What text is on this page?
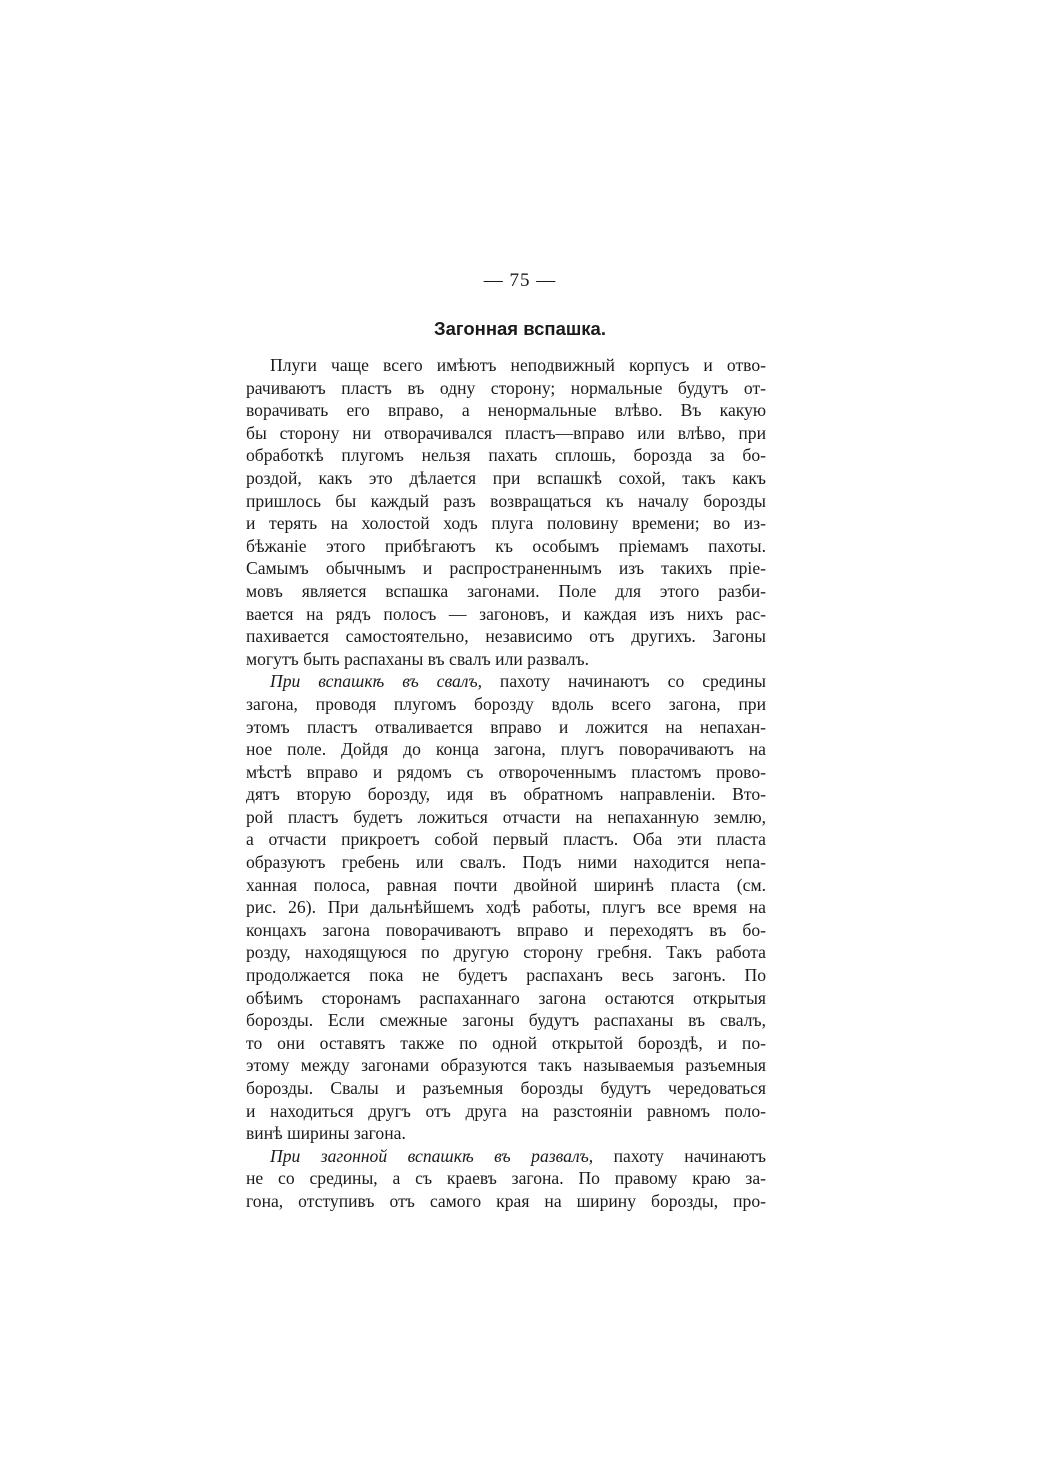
— 75 —
Загонная вспашка.
Плуги чаще всего имѣютъ неподвижный корпусъ и отво-
рачиваютъ пластъ въ одну сторону; нормальные будутъ от-
ворачивать его вправо, а ненормальные влѣво. Въ какую
бы сторону ни отворачивался пластъ—вправо или влѣво, при
обработкѣ плугомъ нельзя пахать сплошь, борозда за бо-
роздой, какъ это дѣлается при вспашкѣ сохой, такъ какъ
пришлось бы каждый разъ возвращаться къ началу борозды
и терять на холостой ходъ плуга половину времени; во из-
бѣжаніе этого прибѣгаютъ къ особымъ пріемамъ пахоты.
Самымъ обычнымъ и распространеннымъ изъ такихъ пріе-
мовъ является вспашка загонами. Поле для этого разби-
вается на рядъ полосъ — загоновъ, и каждая изъ нихъ рас-
пахивается самостоятельно, независимо отъ другихъ. Загоны
могутъ быть распаханы въ свалъ или развалъ.
При вспашкѣ въ свалъ, пахоту начинаютъ со средины
загона, проводя плугомъ борозду вдоль всего загона, при
этомъ пластъ отваливается вправо и ложится на непахан-
ное поле. Дойдя до конца загона, плугъ поворачиваютъ на
мѣстѣ вправо и рядомъ съ отвороченнымъ пластомъ прово-
дятъ вторую борозду, идя въ обратномъ направленіи. Вто-
рой пластъ будетъ ложиться отчасти на непаханную землю,
а отчасти прикроетъ собой первый пластъ. Оба эти пласта
образуютъ гребень или свалъ. Подъ ними находится непа-
ханная полоса, равная почти двойной ширинѣ пласта (см.
рис. 26). При дальнѣйшемъ ходѣ работы, плугъ все время на
концахъ загона поворачиваютъ вправо и переходятъ въ бо-
розду, находящуюся по другую сторону гребня. Такъ работа
продолжается пока не будетъ распаханъ весь загонъ. По
обѣимъ сторонамъ распаханнаго загона остаются открытыя
борозды. Если смежные загоны будутъ распаханы въ свалъ,
то они оставятъ также по одной открытой бороздѣ, и по-
этому между загонами образуются такъ называемыя разъемныя
борозды. Свалы и разъемныя борозды будутъ чередоваться
и находиться другъ отъ друга на разстояніи равномъ поло-
винѣ ширины загона.
При загонной вспашкѣ въ развалъ, пахоту начинаютъ
не со средины, а съ краевъ загона. По правому краю за-
гона, отступивъ отъ самого края на ширину борозды, про-
